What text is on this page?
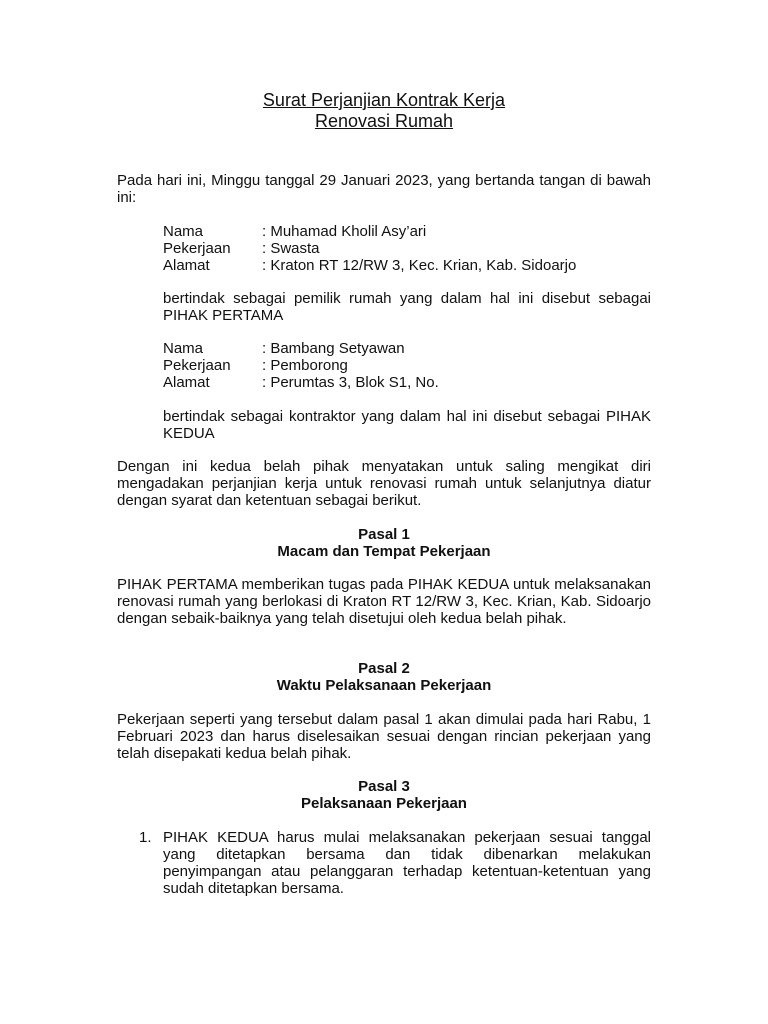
Surat Perjanjian Kontrak Kerja
Renovasi Rumah
Pada hari ini, Minggu tanggal 29 Januari 2023, yang bertanda tangan di bawah ini:
Nama	: Muhamad Kholil Asy’ari
Pekerjaan	: Swasta
Alamat	: Kraton RT 12/RW 3, Kec. Krian, Kab. Sidoarjo
bertindak sebagai pemilik rumah yang dalam hal ini disebut sebagai PIHAK PERTAMA
Nama	: Bambang Setyawan
Pekerjaan	: Pemborong
Alamat	: Perumtas 3, Blok S1, No.
bertindak sebagai kontraktor yang dalam hal ini disebut sebagai PIHAK KEDUA
Dengan ini kedua belah pihak menyatakan untuk saling mengikat diri mengadakan perjanjian kerja untuk renovasi rumah untuk selanjutnya diatur dengan syarat dan ketentuan sebagai berikut.
Pasal 1
Macam dan Tempat Pekerjaan
PIHAK PERTAMA memberikan tugas pada PIHAK KEDUA untuk melaksanakan renovasi rumah yang berlokasi di Kraton RT 12/RW 3, Kec. Krian, Kab. Sidoarjo dengan sebaik-baiknya yang telah disetujui oleh kedua belah pihak.
Pasal 2
Waktu Pelaksanaan Pekerjaan
Pekerjaan seperti yang tersebut dalam pasal 1 akan dimulai pada hari Rabu, 1 Februari 2023 dan harus diselesaikan sesuai dengan rincian pekerjaan yang telah disepakati kedua belah pihak.
Pasal 3
Pelaksanaan Pekerjaan
1. PIHAK KEDUA harus mulai melaksanakan pekerjaan sesuai tanggal yang ditetapkan bersama dan tidak dibenarkan melakukan penyimpangan atau pelanggaran terhadap ketentuan-ketentuan yang sudah ditetapkan bersama.
